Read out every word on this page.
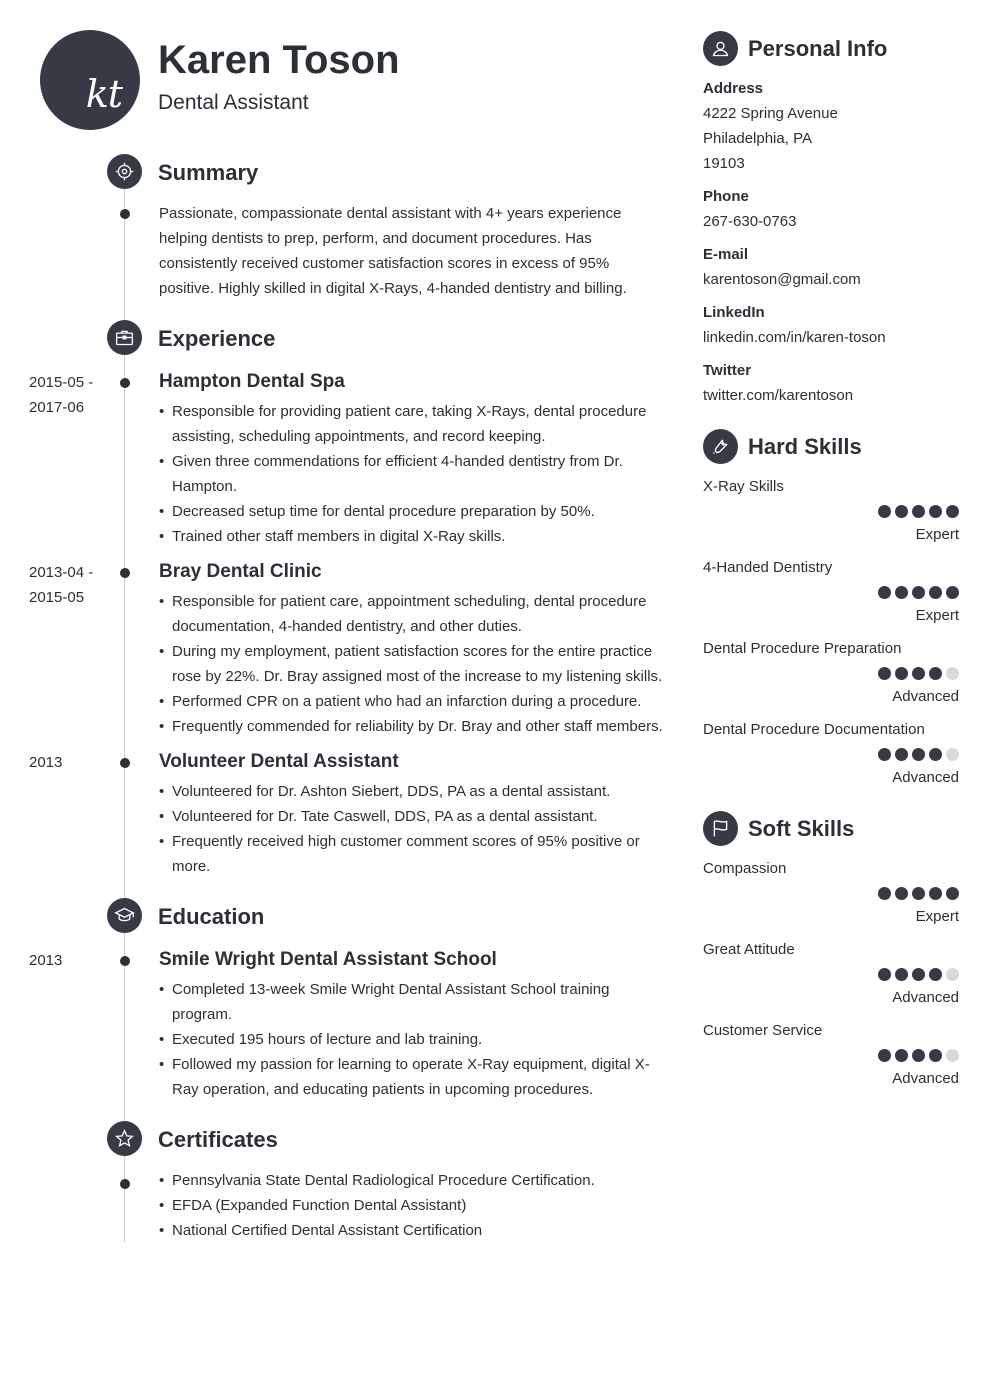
kt
Karen Toson
Dental Assistant
Summary
Passionate, compassionate dental assistant with 4+ years experience helping dentists to prep, perform, and document procedures. Has consistently received customer satisfaction scores in excess of 95% positive. Highly skilled in digital X-Rays, 4-handed dentistry and billing.
Experience
2015-05 - 2017-06
Hampton Dental Spa
• Responsible for providing patient care, taking X-Rays, dental procedure assisting, scheduling appointments, and record keeping.
• Given three commendations for efficient 4-handed dentistry from Dr. Hampton.
• Decreased setup time for dental procedure preparation by 50%.
• Trained other staff members in digital X-Ray skills.
2013-04 - 2015-05
Bray Dental Clinic
• Responsible for patient care, appointment scheduling, dental procedure documentation, 4-handed dentistry, and other duties.
• During my employment, patient satisfaction scores for the entire practice rose by 22%. Dr. Bray assigned most of the increase to my listening skills.
• Performed CPR on a patient who had an infarction during a procedure.
• Frequently commended for reliability by Dr. Bray and other staff members.
2013	Volunteer Dental Assistant
• Volunteered for Dr. Ashton Siebert, DDS, PA as a dental assistant.
• Volunteered for Dr. Tate Caswell, DDS, PA as a dental assistant.
• Frequently received high customer comment scores of 95% positive or more.
Education
2013	Smile Wright Dental Assistant School
• Completed 13-week Smile Wright Dental Assistant School training program.
• Executed 195 hours of lecture and lab training.
• Followed my passion for learning to operate X-Ray equipment, digital X-Ray operation, and educating patients in upcoming procedures.
Certificates
• Pennsylvania State Dental Radiological Procedure Certification.
• EFDA (Expanded Function Dental Assistant)
• National Certified Dental Assistant Certification
Personal Info
Address
4222 Spring Avenue
Philadelphia, PA
19103
Phone
267-630-0763
E-mail
karentoson@gmail.com
LinkedIn
linkedin.com/in/karen-toson
Twitter
twitter.com/karentoson
Hard Skills
X-Ray Skills
Expert
4-Handed Dentistry
Expert
Dental Procedure Preparation
Advanced
Dental Procedure Documentation
Advanced
Soft Skills
Compassion
Expert
Great Attitude
Advanced
Customer Service
Advanced
